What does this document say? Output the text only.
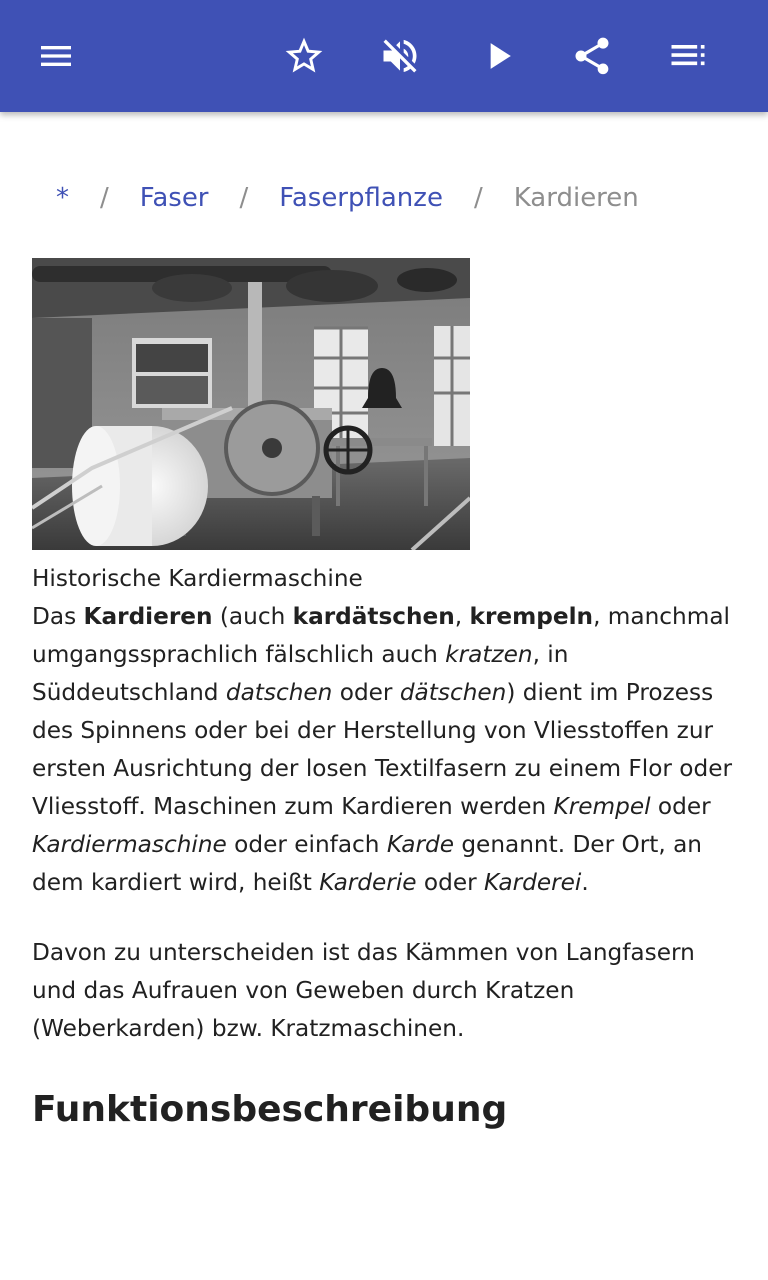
* / Faser / Faserpflanze / Kardieren

Historische Kardiermaschine

Das Kardieren (auch kardätschen, krempeln, manchmal umgangssprachlich fälschlich auch kratzen, in Süddeutschland datschen oder dätschen) dient im Prozess des Spinnens oder bei der Herstellung von Vliesstoffen zur ersten Ausrichtung der losen Textilfasern zu einem Flor oder Vliesstoff. Maschinen zum Kardieren werden Krempel oder Kardiermaschine oder einfach Karde genannt. Der Ort, an dem kardiert wird, heißt Karderie oder Karderei.

Davon zu unterscheiden ist das Kämmen von Langfasern und das Aufrauen von Geweben durch Kratzen (Weberkarden) bzw. Kratzmaschinen.

Funktionsbeschreibung
